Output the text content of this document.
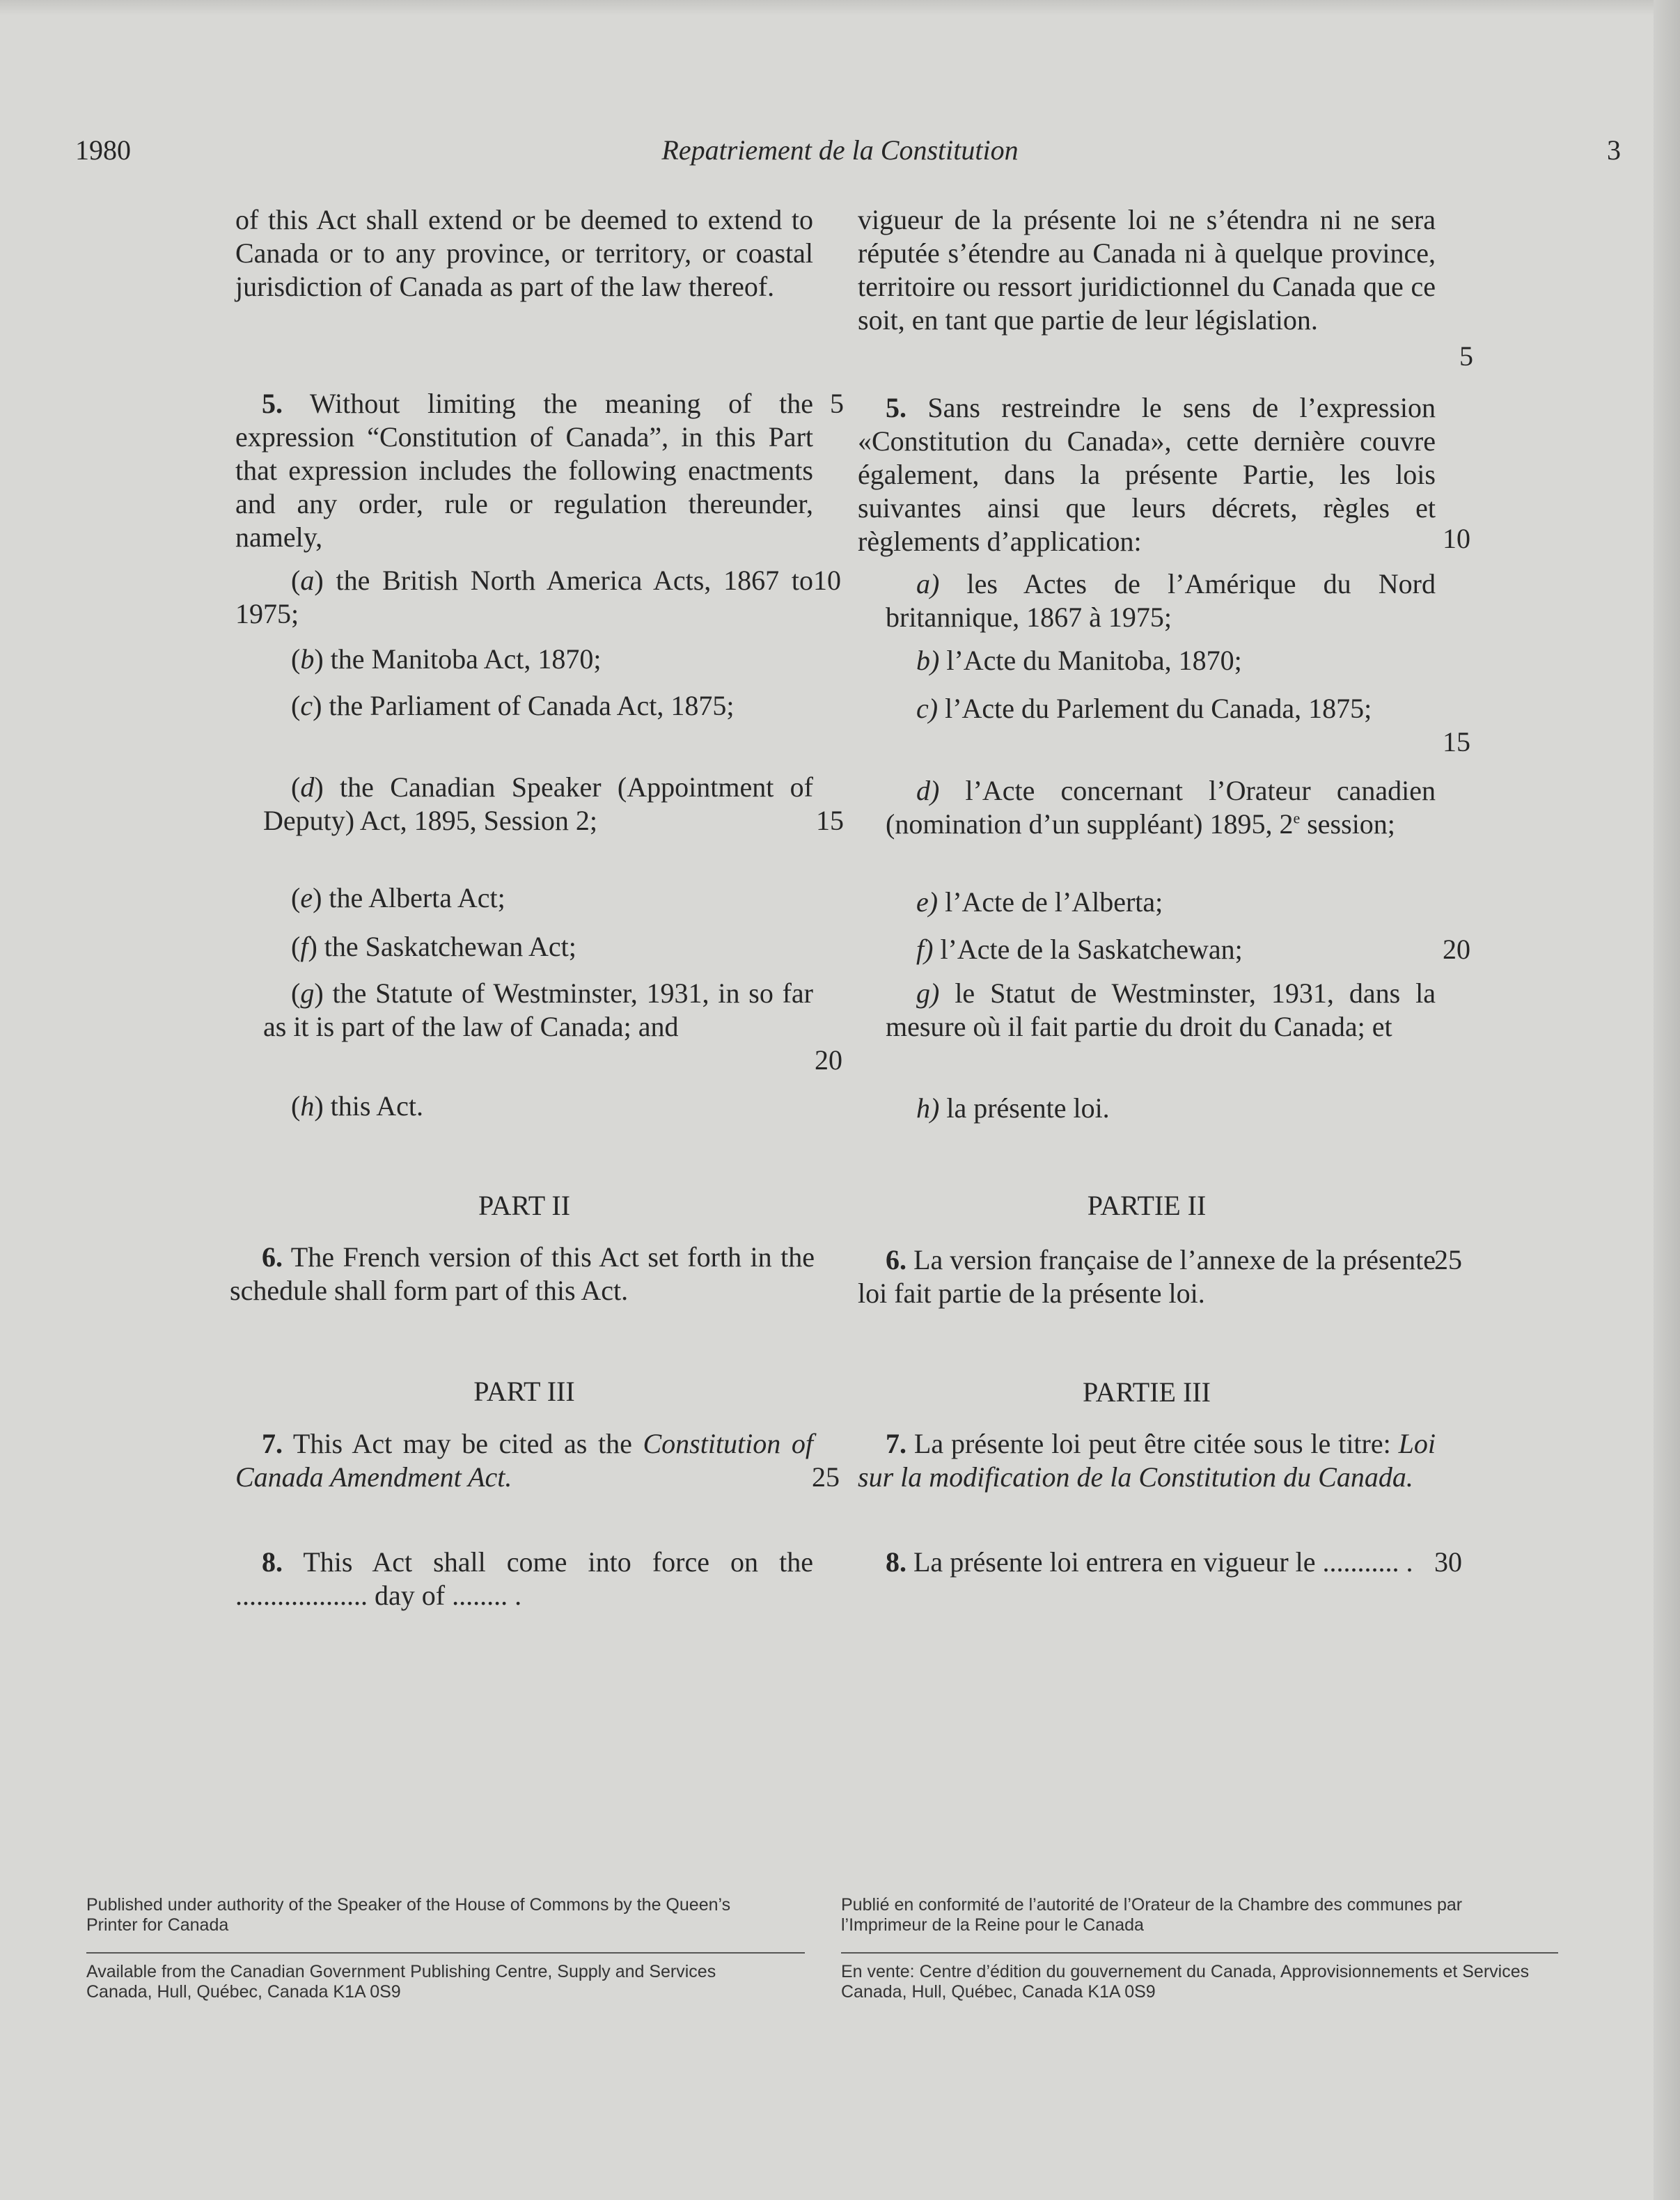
1980	Repatriement de la Constitution	3
of this Act shall extend or be deemed to extend to Canada or to any province, or territory, or coastal jurisdiction of Canada as part of the law thereof.
5. Without limiting the meaning of the expression “Constitution of Canada”, in this Part that expression includes the following enactments and any order, rule or regulation thereunder, namely,
(a) the British North America Acts, 1867 to 1975;
(b) the Manitoba Act, 1870;
(c) the Parliament of Canada Act, 1875;
(d) the Canadian Speaker (Appointment of Deputy) Act, 1895, Session 2;
(e) the Alberta Act;
(f) the Saskatchewan Act;
(g) the Statute of Westminster, 1931, in so far as it is part of the law of Canada; and
(h) this Act.
PART II
6. The French version of this Act set forth in the schedule shall form part of this Act.
PART III
7. This Act may be cited as the Constitution of Canada Amendment Act.
8. This Act shall come into force on the ................... day of ........ .
5
10
15
20
25
vigueur de la présente loi ne s’étendra ni ne sera réputée s’étendre au Canada ni à quelque province, territoire ou ressort juridictionnel du Canada que ce soit, en tant que partie de leur législation.
5. Sans restreindre le sens de l’expression «Constitution du Canada», cette dernière couvre également, dans la présente Partie, les lois suivantes ainsi que leurs décrets, règles et règlements d’application:
a) les Actes de l’Amérique du Nord britannique, 1867 à 1975;
b) l’Acte du Manitoba, 1870;
c) l’Acte du Parlement du Canada, 1875;
d) l’Acte concernant l’Orateur canadien (nomination d’un suppléant) 1895, 2e session;
e) l’Acte de l’Alberta;
f) l’Acte de la Saskatchewan;
g) le Statut de Westminster, 1931, dans la mesure où il fait partie du droit du Canada; et
h) la présente loi.
PARTIE II
6. La version française de l’annexe de la présente loi fait partie de la présente loi.
PARTIE III
7. La présente loi peut être citée sous le titre: Loi sur la modification de la Constitution du Canada.
8. La présente loi entrera en vigueur le ........... .
5
10
15
20
25
30
Published under authority of the Speaker of the House of Commons by the Queen’s Printer for Canada
Available from the Canadian Government Publishing Centre, Supply and Services Canada, Hull, Québec, Canada K1A 0S9
Publié en conformité de l’autorité de l’Orateur de la Chambre des communes par l’Imprimeur de la Reine pour le Canada
En vente: Centre d’édition du gouvernement du Canada, Approvisionnements et Services Canada, Hull, Québec, Canada K1A 0S9
